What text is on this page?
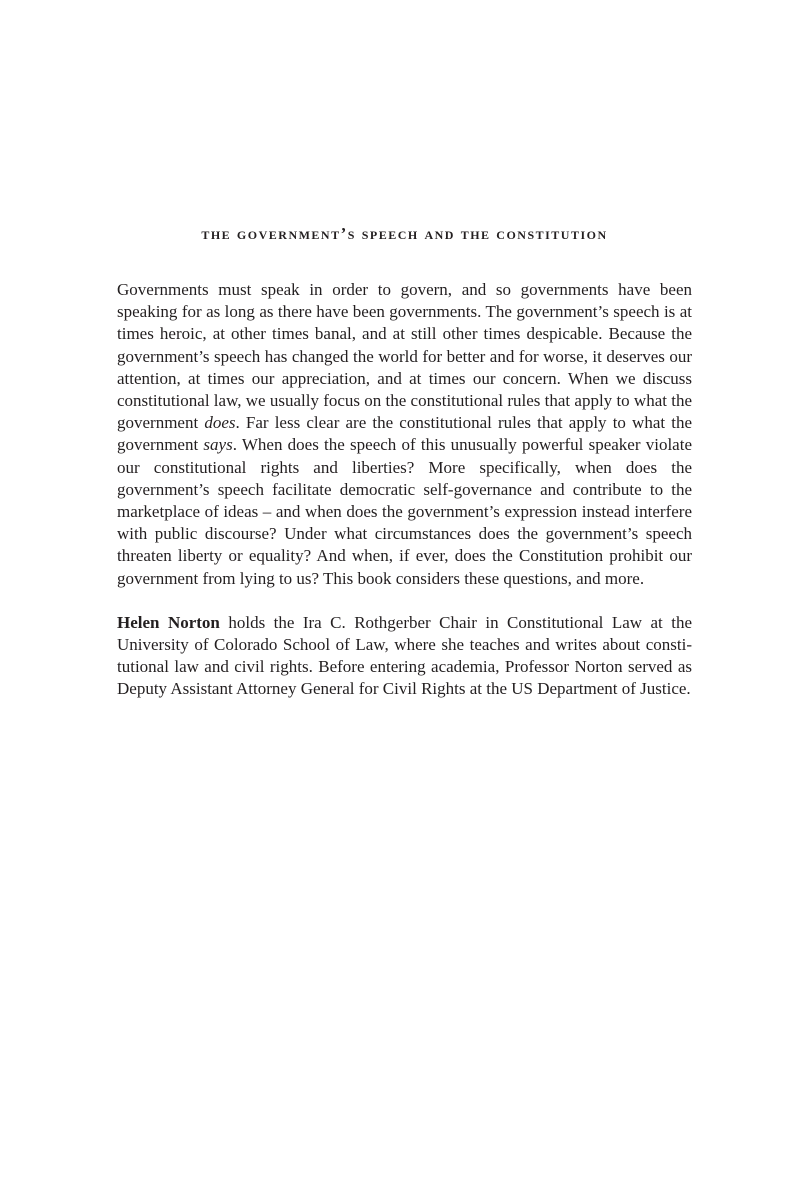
the government’s speech and the constitution

Governments must speak in order to govern, and so governments have been speaking for as long as there have been governments. The government’s speech is at times heroic, at other times banal, and at still other times despicable. Because the government’s speech has changed the world for better and for worse, it deserves our attention, at times our appreciation, and at times our concern. When we discuss constitutional law, we usually focus on the constitutional rules that apply to what the government does. Far less clear are the constitutional rules that apply to what the government says. When does the speech of this unusually powerful speaker violate our constitutional rights and liberties? More specifically, when does the government’s speech facilitate democratic self-governance and contribute to the marketplace of ideas – and when does the government’s expression instead interfere with public discourse? Under what circumstances does the government’s speech threaten liberty or equality? And when, if ever, does the Constitution prohibit our government from lying to us? This book considers these questions, and more.

Helen Norton holds the Ira C. Rothgerber Chair in Constitutional Law at the University of Colorado School of Law, where she teaches and writes about constitutional law and civil rights. Before entering academia, Professor Norton served as Deputy Assistant Attorney General for Civil Rights at the US Department of Justice.
